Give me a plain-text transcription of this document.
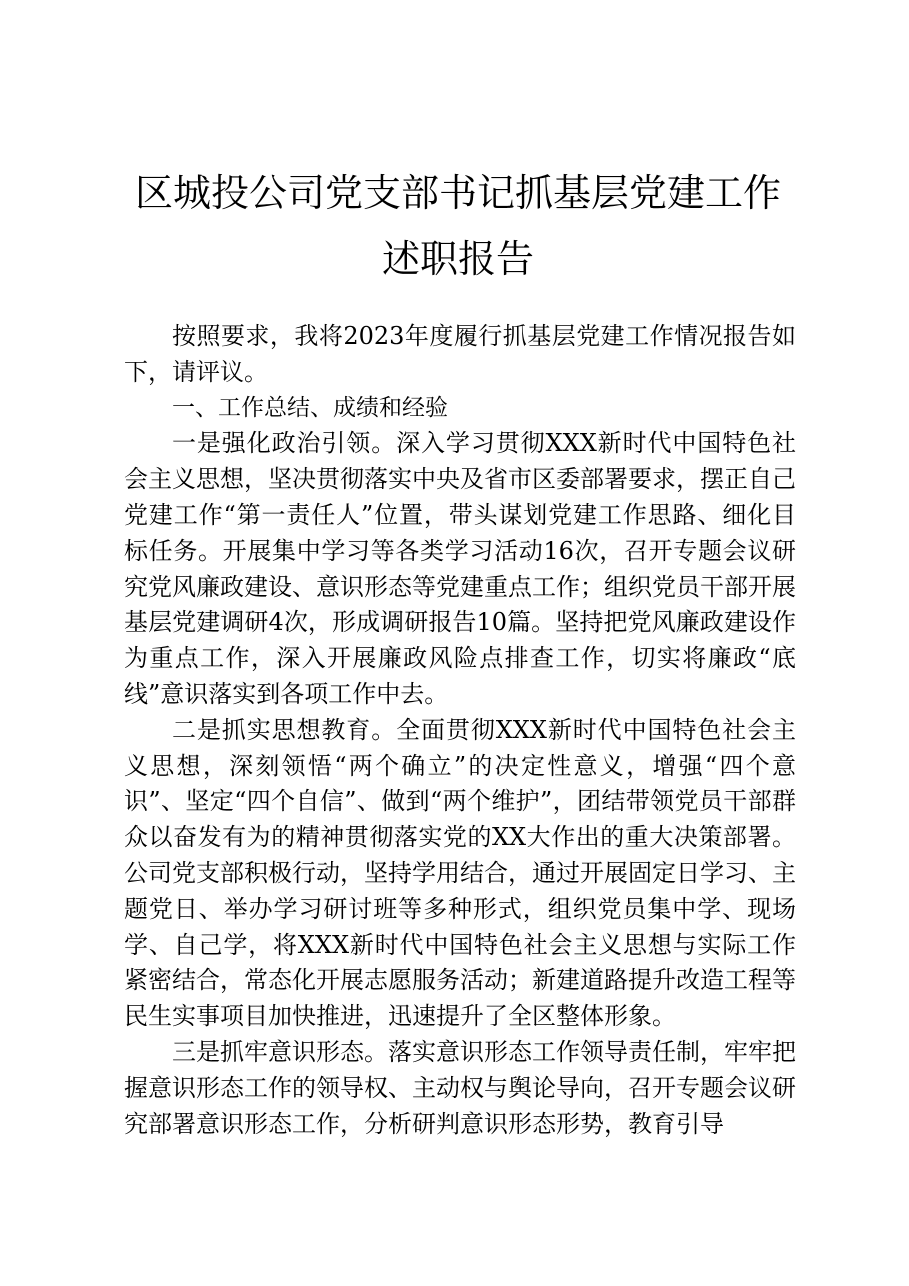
区城投公司党支部书记抓基层党建工作述职报告

按照要求，我将2023年度履行抓基层党建工作情况报告如下，请评议。

一、工作总结、成绩和经验

一是强化政治引领。深入学习贯彻XXX新时代中国特色社会主义思想，坚决贯彻落实中央及省市区委部署要求，摆正自己党建工作“第一责任人”位置，带头谋划党建工作思路、细化目标任务。开展集中学习等各类学习活动16次，召开专题会议研究党风廉政建设、意识形态等党建重点工作；组织党员干部开展基层党建调研4次，形成调研报告10篇。坚持把党风廉政建设作为重点工作，深入开展廉政风险点排查工作，切实将廉政“底线”意识落实到各项工作中去。

二是抓实思想教育。全面贯彻XXX新时代中国特色社会主义思想，深刻领悟“两个确立”的决定性意义，增强“四个意识”、坚定“四个自信”、做到“两个维护”，团结带领党员干部群众以奋发有为的精神贯彻落实党的XX大作出的重大决策部署。公司党支部积极行动，坚持学用结合，通过开展固定日学习、主题党日、举办学习研讨班等多种形式，组织党员集中学、现场学、自己学，将XXX新时代中国特色社会主义思想与实际工作紧密结合，常态化开展志愿服务活动；新建道路提升改造工程等民生实事项目加快推进，迅速提升了全区整体形象。

三是抓牢意识形态。落实意识形态工作领导责任制，牢牢把握意识形态工作的领导权、主动权与舆论导向，召开专题会议研究部署意识形态工作，分析研判意识形态形势，教育引导
